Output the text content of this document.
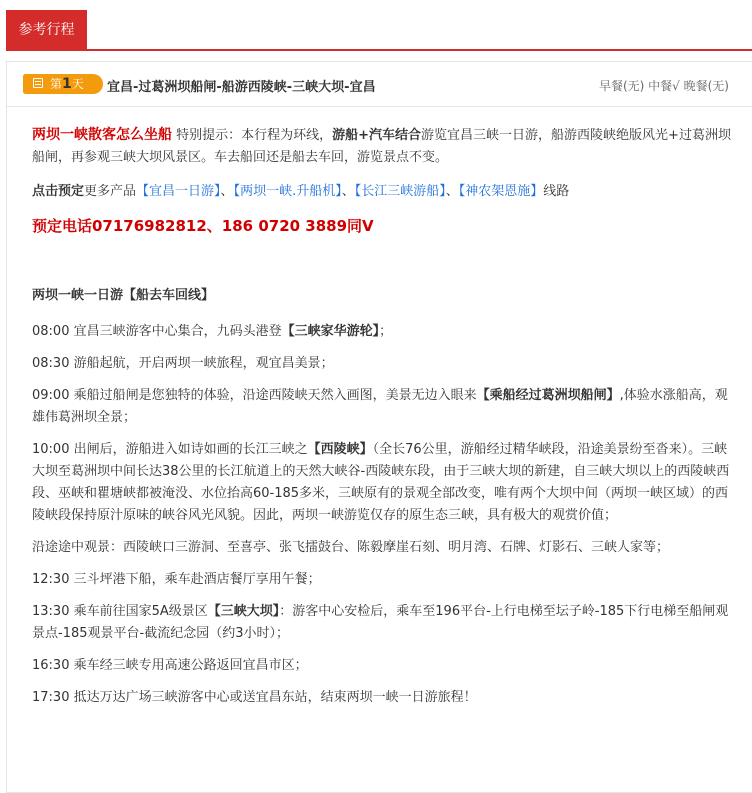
参考行程
第1天 宜昌-过葛洲坝船闸-船游西陵峡-三峡大坝-宜昌	早餐(无) 中餐√ 晚餐(无)

两坝一峡散客怎么坐船 特别提示：本行程为环线，游船+汽车结合游览宜昌三峡一日游，船游西陵峡绝版风光+过葛洲坝船闸，再参观三峡大坝风景区。车去船回还是船去车回，游览景点不变。

点击预定更多产品【宜昌一日游】、【两坝一峡.升船机】、【长江三峡游船】、【神农架恩施】线路

预定电话07176982812、186 0720 3889同V

两坝一峡一日游【船去车回线】

08:00 宜昌三峡游客中心集合，九码头港登【三峡家华游轮】；

08:30 游船起航，开启两坝一峡旅程，观宜昌美景；

09:00 乘船过船闸是您独特的体验，沿途西陵峡天然入画图，美景无边入眼来【乘船经过葛洲坝船闸】,体验水涨船高，观雄伟葛洲坝全景；

10:00 出闸后，游船进入如诗如画的长江三峡之【西陵峡】（全长76公里，游船经过精华峡段，沿途美景纷至沓来）。三峡大坝至葛洲坝中间长达38公里的长江航道上的天然大峡谷-西陵峡东段，由于三峡大坝的新建，自三峡大坝以上的西陵峡西段、巫峡和瞿塘峡都被淹没、水位抬高60-185多米，三峡原有的景观全部改变，唯有两个大坝中间（两坝一峡区域）的西陵峡段保持原汁原味的峡谷风光风貌。因此，两坝一峡游览仅存的原生态三峡，具有极大的观赏价值；

沿途途中观景：西陵峡口三游洞、至喜亭、张飞擂鼓台、陈毅摩崖石刻、明月湾、石牌、灯影石、三峡人家等；

12:30 三斗坪港下船，乘车赴酒店餐厅享用午餐；

13:30 乘车前往国家5A级景区【三峡大坝】：游客中心安检后，乘车至196平台-上行电梯至坛子岭-185下行电梯至船闸观景点-185观景平台-截流纪念园（约3小时）；

16:30 乘车经三峡专用高速公路返回宜昌市区；

17:30 抵达万达广场三峡游客中心或送宜昌东站，结束两坝一峡一日游旅程！
